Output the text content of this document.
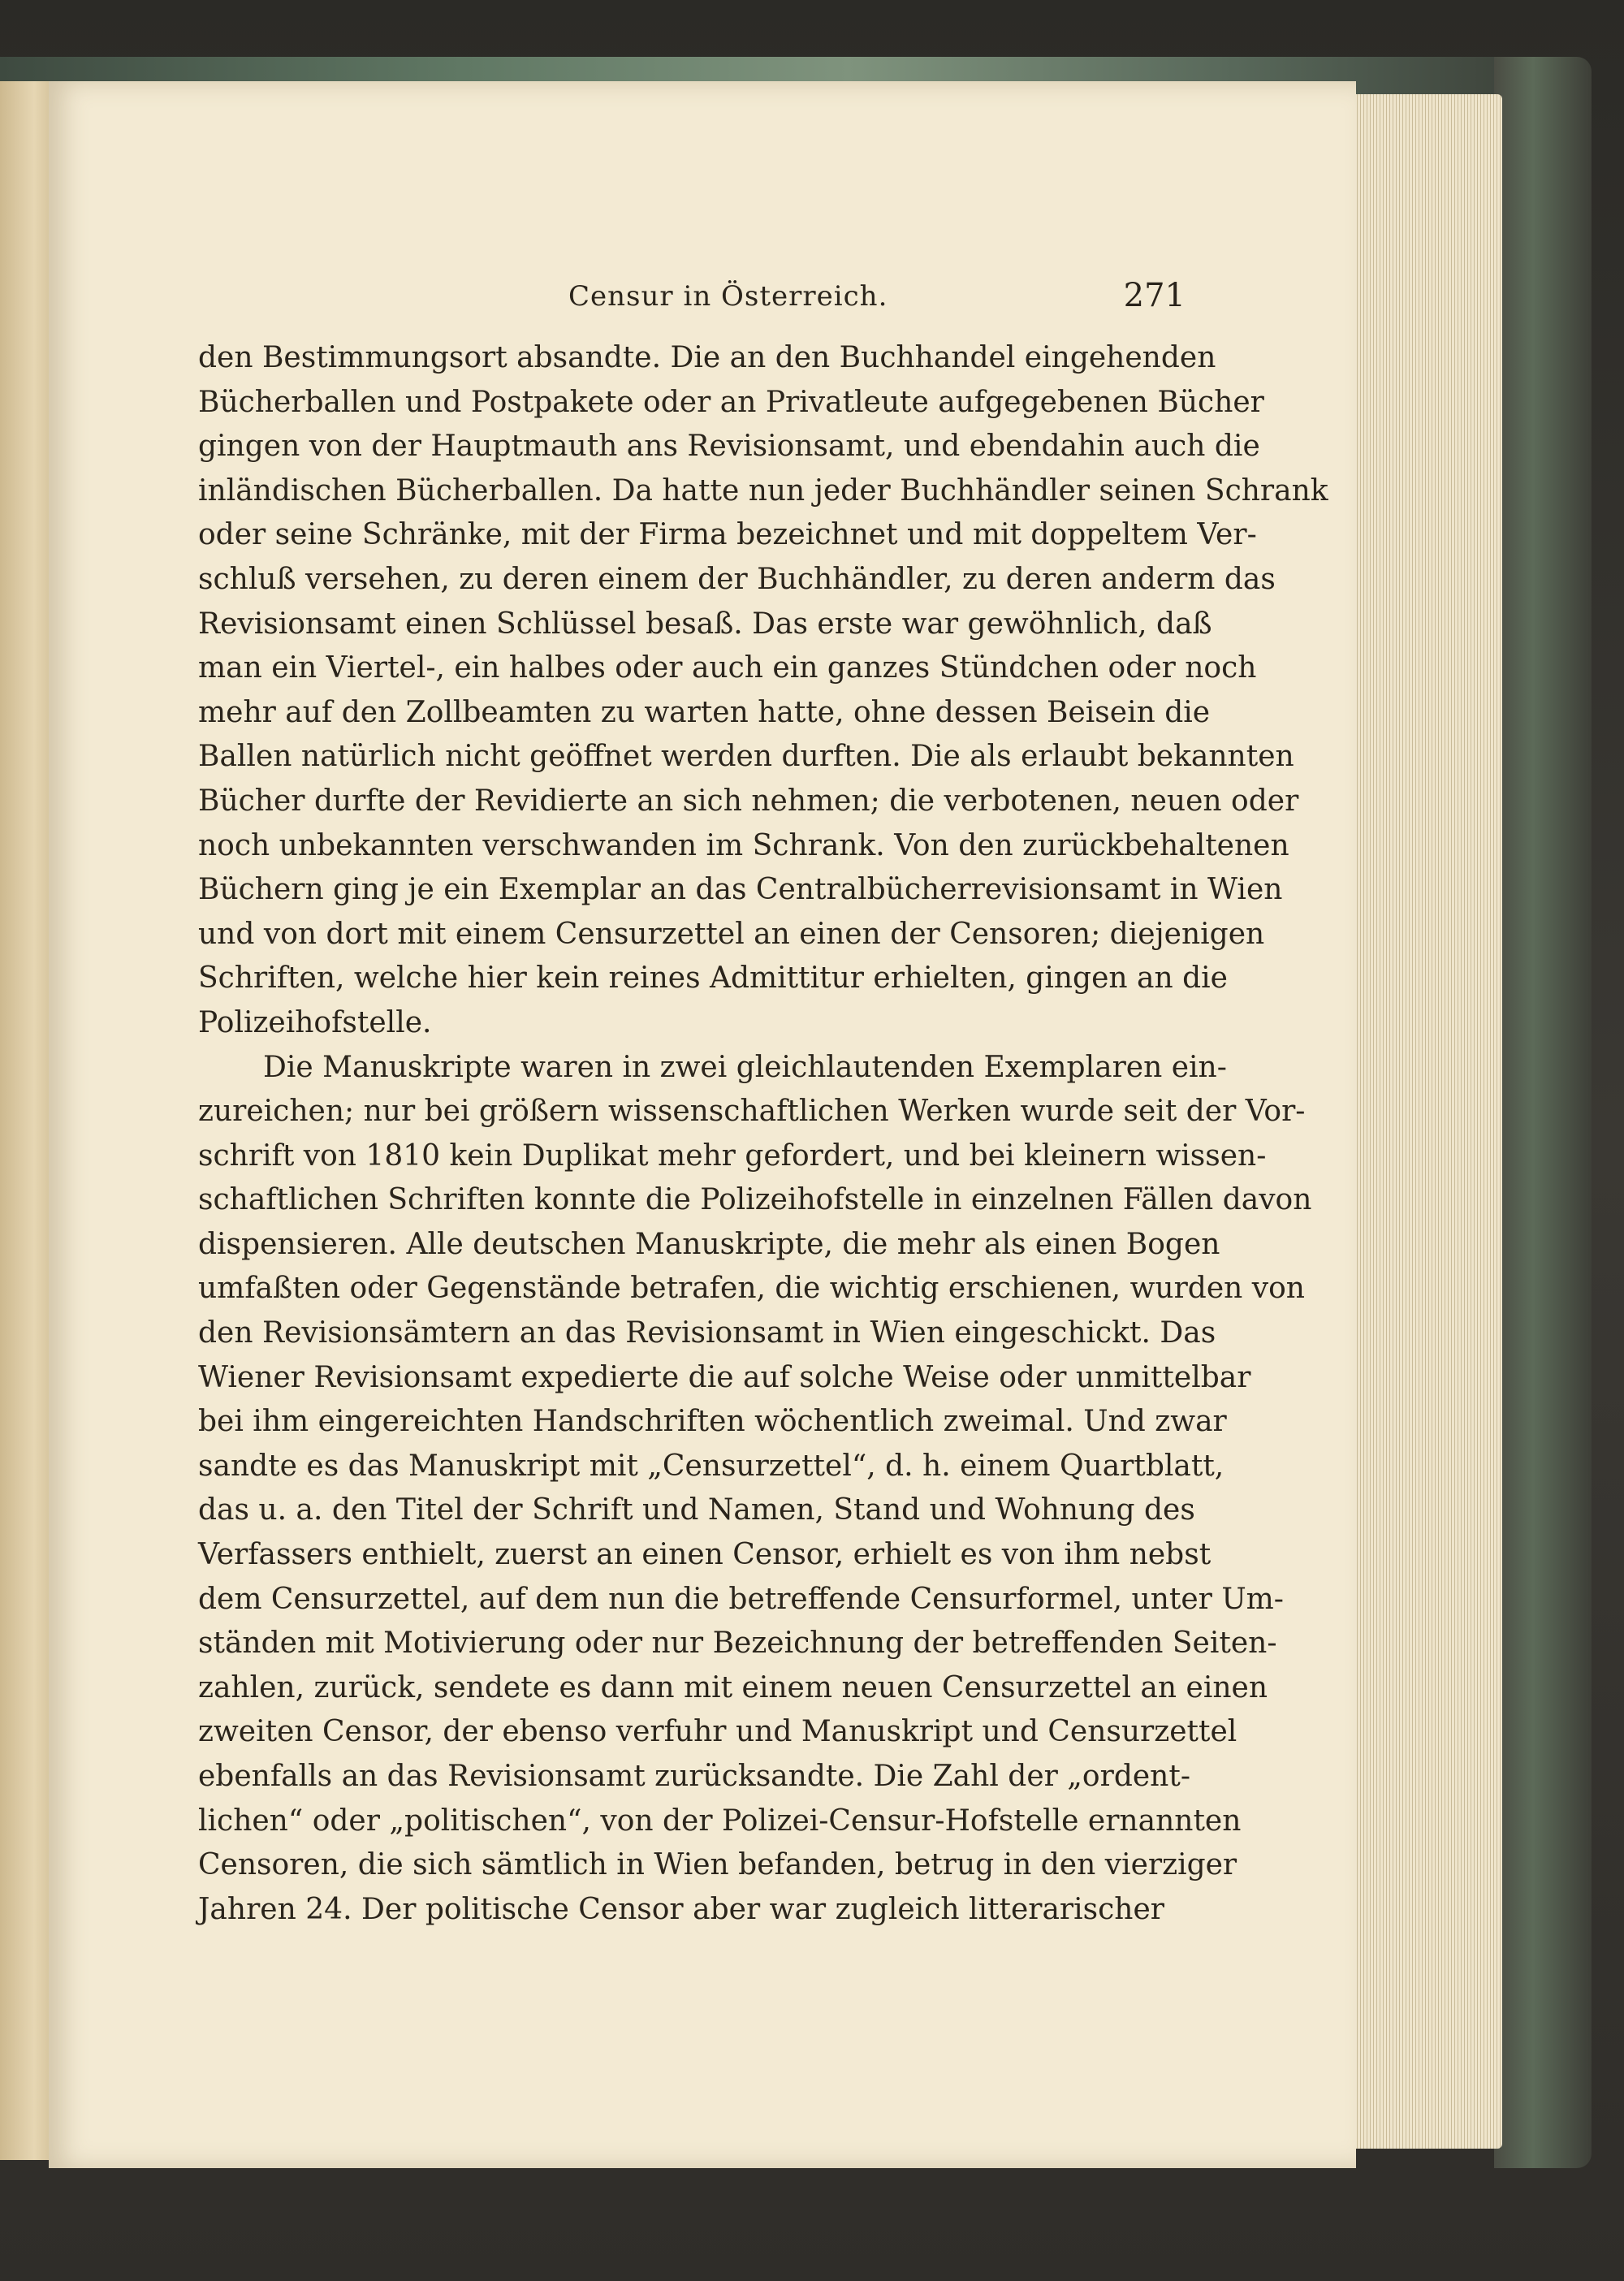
Censur in Österreich.	271
den Bestimmungsort absandte. Die an den Buchhandel eingehenden
Bücherballen und Postpakete oder an Privatleute aufgegebenen Bücher
gingen von der Hauptmauth ans Revisionsamt, und ebendahin auch die
inländischen Bücherballen. Da hatte nun jeder Buchhändler seinen Schrank
oder seine Schränke, mit der Firma bezeichnet und mit doppeltem Ver-
schluß versehen, zu deren einem der Buchhändler, zu deren anderm das
Revisionsamt einen Schlüssel besaß. Das erste war gewöhnlich, daß
man ein Viertel-, ein halbes oder auch ein ganzes Stündchen oder noch
mehr auf den Zollbeamten zu warten hatte, ohne dessen Beisein die
Ballen natürlich nicht geöffnet werden durften. Die als erlaubt bekannten
Bücher durfte der Revidierte an sich nehmen; die verbotenen, neuen oder
noch unbekannten verschwanden im Schrank. Von den zurückbehaltenen
Büchern ging je ein Exemplar an das Centralbücherrevisionsamt in Wien
und von dort mit einem Censurzettel an einen der Censoren; diejenigen
Schriften, welche hier kein reines Admittitur erhielten, gingen an die
Polizeihofstelle.
Die Manuskripte waren in zwei gleichlautenden Exemplaren ein-
zureichen; nur bei größern wissenschaftlichen Werken wurde seit der Vor-
schrift von 1810 kein Duplikat mehr gefordert, und bei kleinern wissen-
schaftlichen Schriften konnte die Polizeihofstelle in einzelnen Fällen davon
dispensieren. Alle deutschen Manuskripte, die mehr als einen Bogen
umfaßten oder Gegenstände betrafen, die wichtig erschienen, wurden von
den Revisionsämtern an das Revisionsamt in Wien eingeschickt. Das
Wiener Revisionsamt expedierte die auf solche Weise oder unmittelbar
bei ihm eingereichten Handschriften wöchentlich zweimal. Und zwar
sandte es das Manuskript mit „Censurzettel“, d. h. einem Quartblatt,
das u. a. den Titel der Schrift und Namen, Stand und Wohnung des
Verfassers enthielt, zuerst an einen Censor, erhielt es von ihm nebst
dem Censurzettel, auf dem nun die betreffende Censurformel, unter Um-
ständen mit Motivierung oder nur Bezeichnung der betreffenden Seiten-
zahlen, zurück, sendete es dann mit einem neuen Censurzettel an einen
zweiten Censor, der ebenso verfuhr und Manuskript und Censurzettel
ebenfalls an das Revisionsamt zurücksandte. Die Zahl der „ordent-
lichen“ oder „politischen“, von der Polizei-Censur-Hofstelle ernannten
Censoren, die sich sämtlich in Wien befanden, betrug in den vierziger
Jahren 24. Der politische Censor aber war zugleich litterarischer
